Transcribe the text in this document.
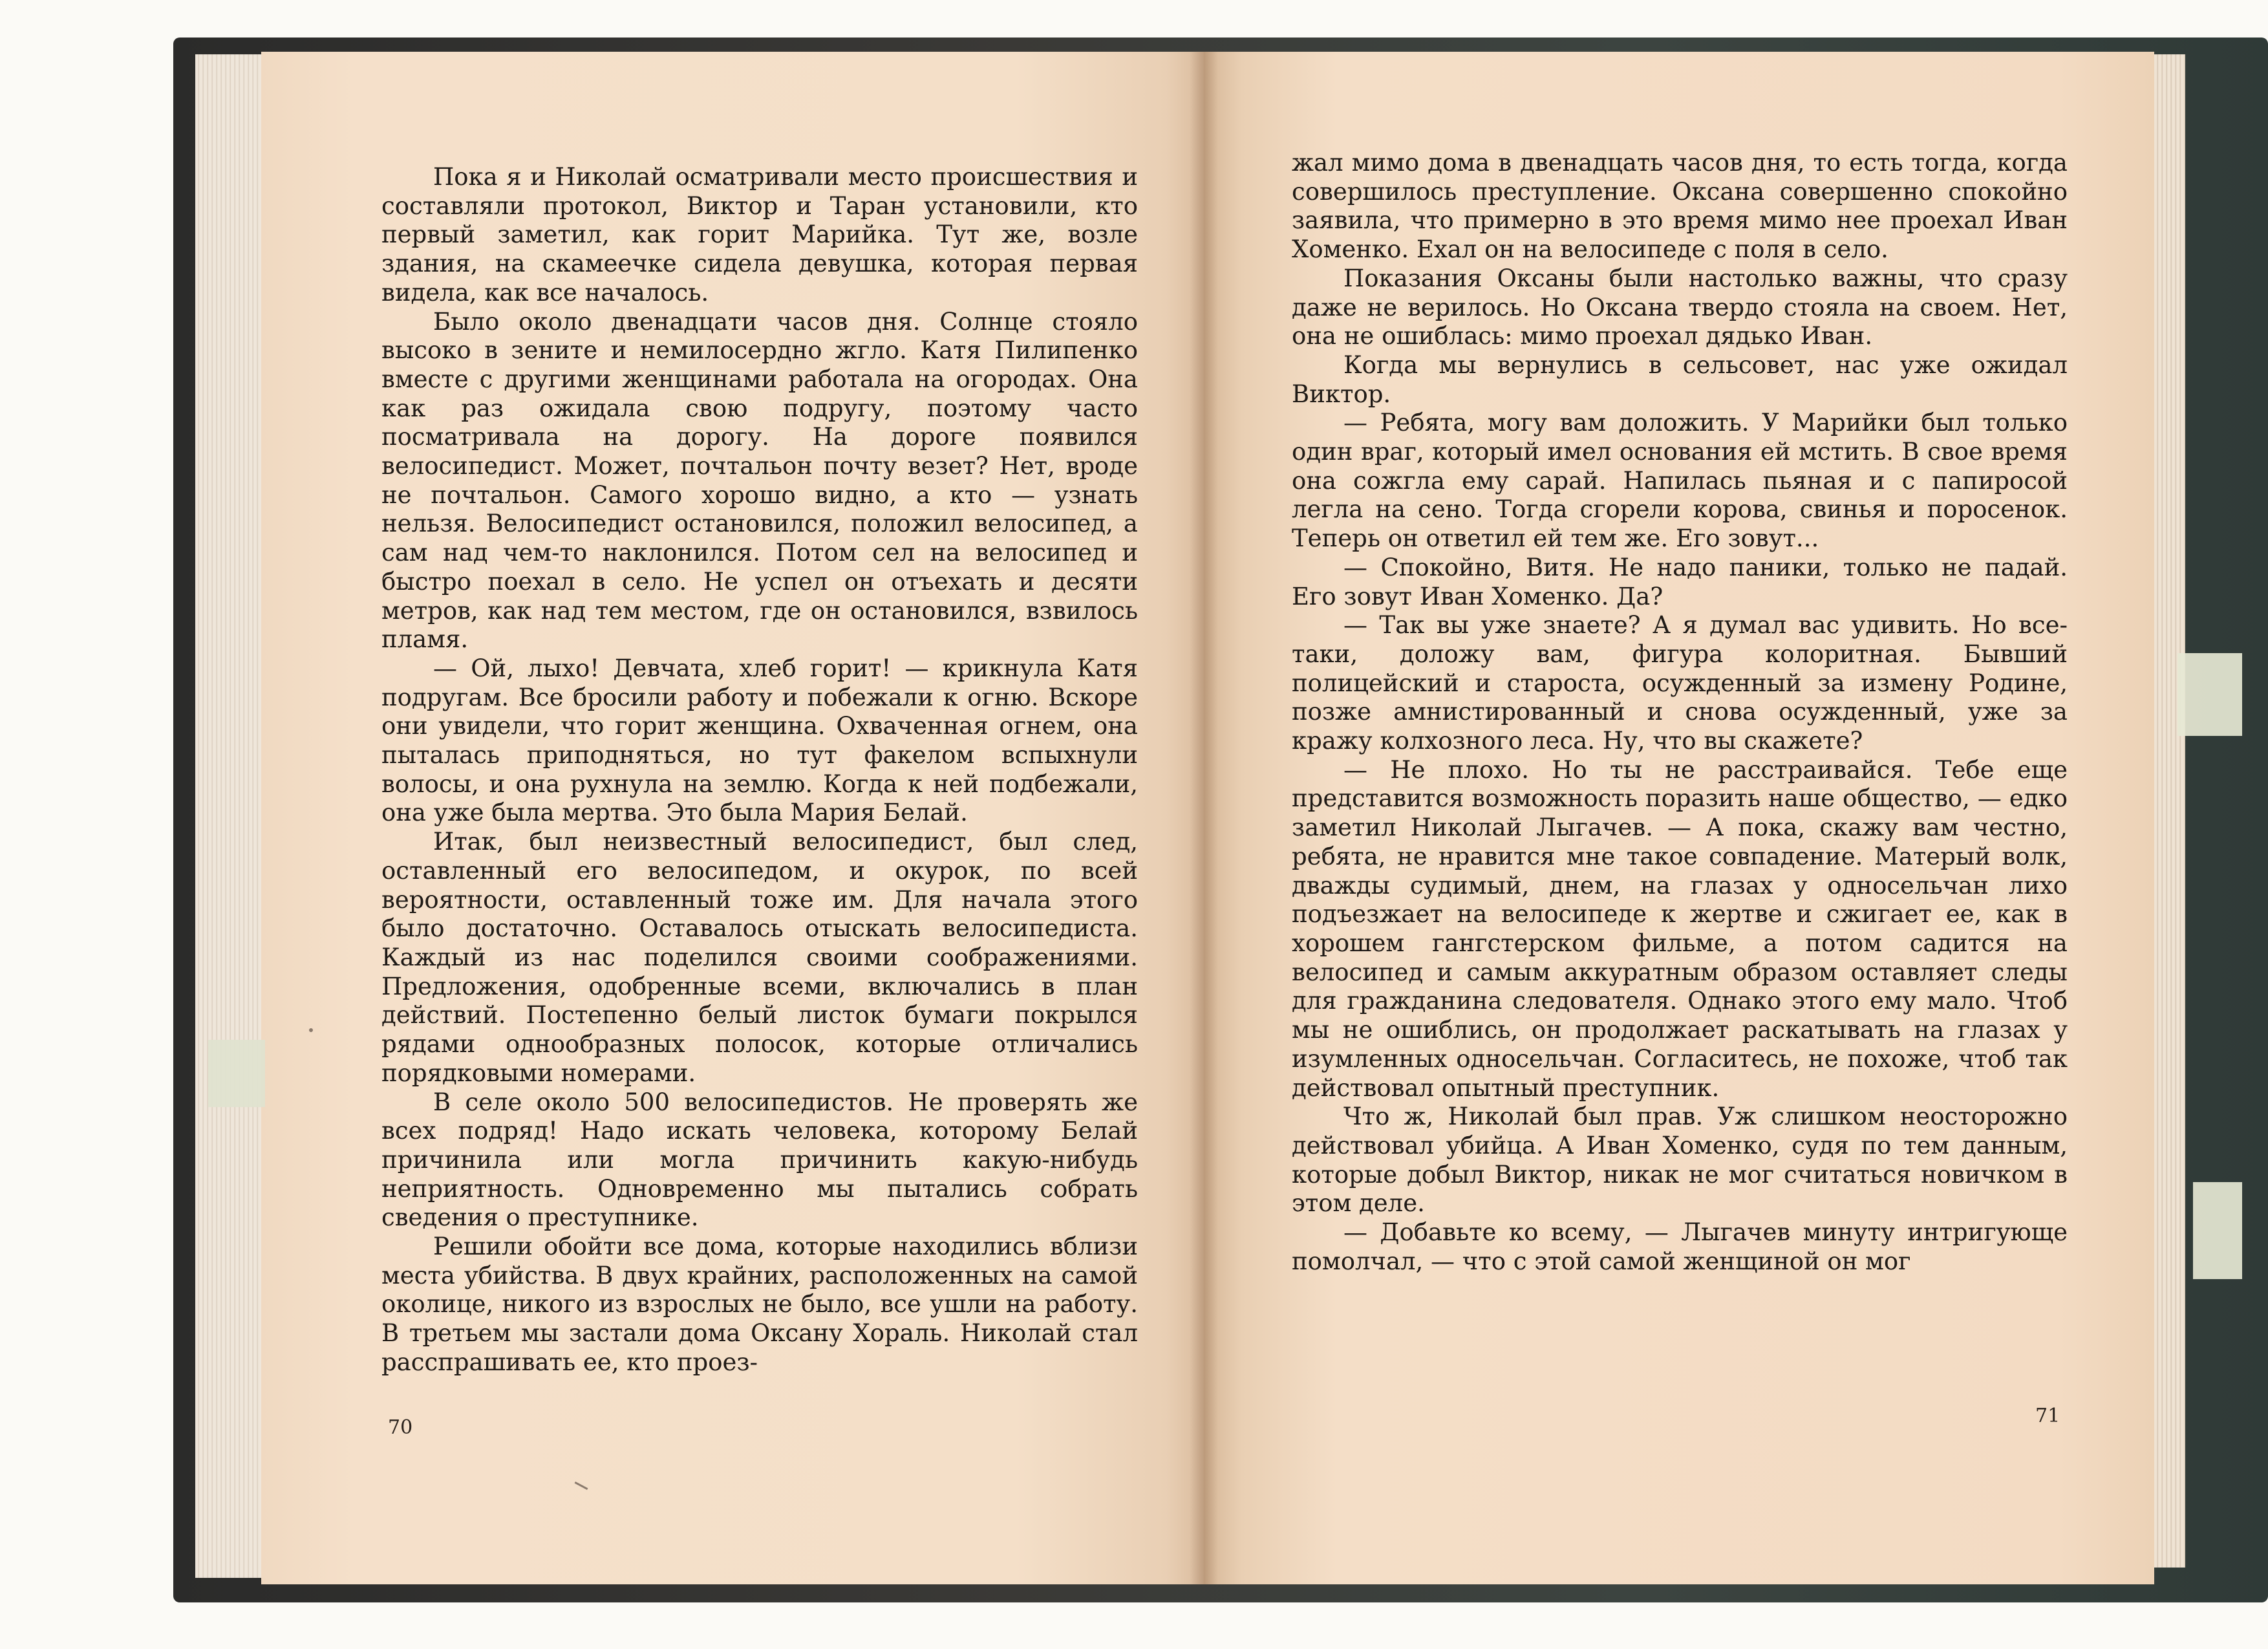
Пока я и Николай осматривали место происшествия и составляли протокол, Виктор и Таран установили, кто первый заметил, как горит Марийка. Тут же, возле здания, на скамеечке сидела девушка, которая первая видела, как все началось.

Было около двенадцати часов дня. Солнце стояло высоко в зените и немилосердно жгло. Катя Пилипенко вместе с другими женщинами работала на огородах. Она как раз ожидала свою подругу, поэтому часто посматривала на дорогу. На дороге появился велосипедист. Может, почтальон почту везет? Нет, вроде не почтальон. Самого хорошо видно, а кто — узнать нельзя. Велосипедист остановился, положил велосипед, а сам над чем-то наклонился. Потом сел на велосипед и быстро поехал в село. Не успел он отъехать и десяти метров, как над тем местом, где он остановился, взвилось пламя.

— Ой, лыхо! Девчата, хлеб горит! — крикнула Катя подругам. Все бросили работу и побежали к огню. Вскоре они увидели, что горит женщина. Охваченная огнем, она пыталась приподняться, но тут факелом вспыхнули волосы, и она рухнула на землю. Когда к ней подбежали, она уже была мертва. Это была Мария Белай.

Итак, был неизвестный велосипедист, был след, оставленный его велосипедом, и окурок, по всей вероятности, оставленный тоже им. Для начала этого было достаточно. Оставалось отыскать велосипедиста. Каждый из нас поделился своими соображениями. Предложения, одобренные всеми, включались в план действий. Постепенно белый листок бумаги покрылся рядами однообразных полосок, которые отличались порядковыми номерами.

В селе около 500 велосипедистов. Не проверять же всех подряд! Надо искать человека, которому Белай причинила или могла причинить какую-нибудь неприятность. Одновременно мы пытались собрать сведения о преступнике.

Решили обойти все дома, которые находились вблизи места убийства. В двух крайних, расположенных на самой околице, никого из взрослых не было, все ушли на работу. В третьем мы застали дома Оксану Хораль. Николай стал расспрашивать ее, кто проез-

70

жал мимо дома в двенадцать часов дня, то есть тогда, когда совершилось преступление. Оксана совершенно спокойно заявила, что примерно в это время мимо нее проехал Иван Хоменко. Ехал он на велосипеде с поля в село.

Показания Оксаны были настолько важны, что сразу даже не верилось. Но Оксана твердо стояла на своем. Нет, она не ошиблась: мимо проехал дядько Иван.

Когда мы вернулись в сельсовет, нас уже ожидал Виктор.

— Ребята, могу вам доложить. У Марийки был только один враг, который имел основания ей мстить. В свое время она сожгла ему сарай. Напилась пьяная и с папиросой легла на сено. Тогда сгорели корова, свинья и поросенок. Теперь он ответил ей тем же. Его зовут...

— Спокойно, Витя. Не надо паники, только не падай. Его зовут Иван Хоменко. Да?

— Так вы уже знаете? А я думал вас удивить. Но все-таки, доложу вам, фигура колоритная. Бывший полицейский и староста, осужденный за измену Родине, позже амнистированный и снова осужденный, уже за кражу колхозного леса. Ну, что вы скажете?

— Не плохо. Но ты не расстраивайся. Тебе еще представится возможность поразить наше общество, — едко заметил Николай Лыгачев. — А пока, скажу вам честно, ребята, не нравится мне такое совпадение. Матерый волк, дважды судимый, днем, на глазах у односельчан лихо подъезжает на велосипеде к жертве и сжигает ее, как в хорошем гангстерском фильме, а потом садится на велосипед и самым аккуратным образом оставляет следы для гражданина следователя. Однако этого ему мало. Чтоб мы не ошиблись, он продолжает раскатывать на глазах у изумленных односельчан. Согласитесь, не похоже, чтоб так действовал опытный преступник.

Что ж, Николай был прав. Уж слишком неосторожно действовал убийца. А Иван Хоменко, судя по тем данным, которые добыл Виктор, никак не мог считаться новичком в этом деле.

— Добавьте ко всему, — Лыгачев минуту интригующе помолчал, — что с этой самой женщиной он мог

71
